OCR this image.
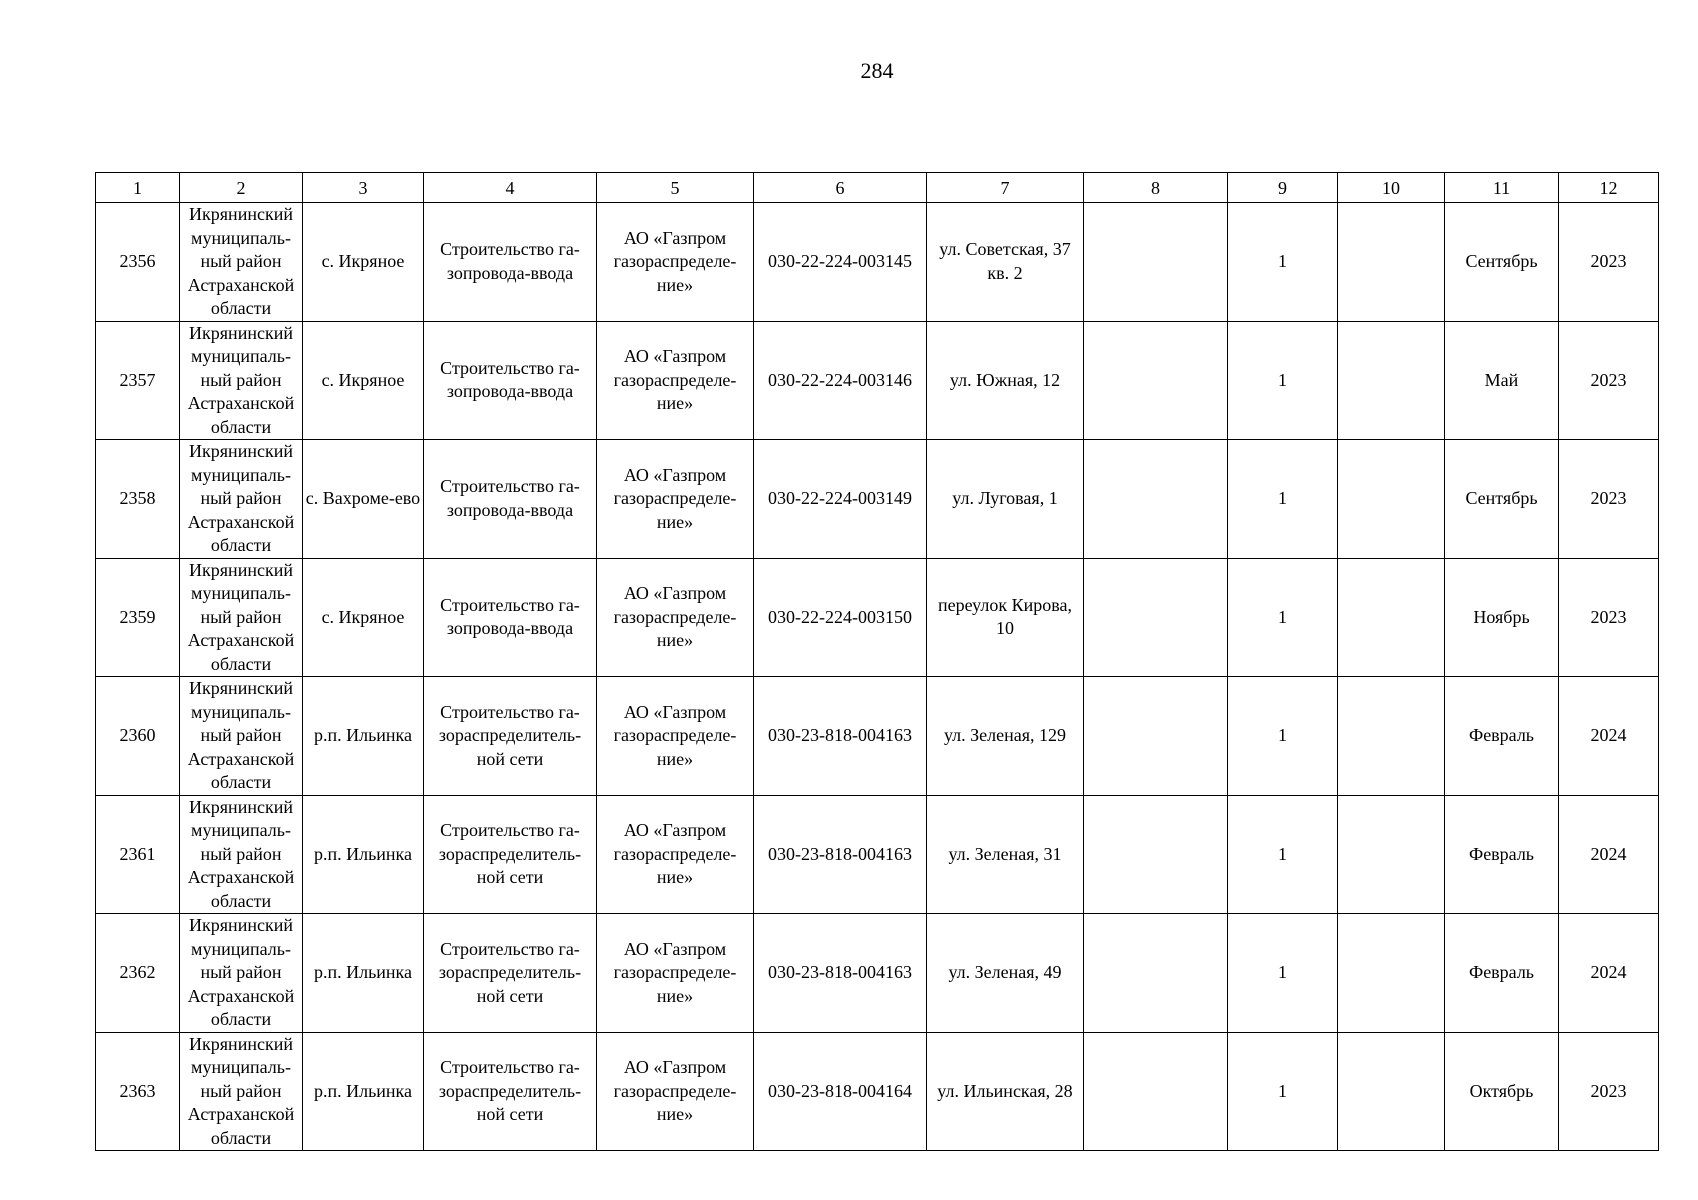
284
1	2	3	4	5	6	7	8	9	10	11	12

2356	Икрянинский муниципаль-ный район Астраханской области	с. Икряное	Строительство га-зопровода-ввода	АО «Газпром газораспределе-ние»	030-22-224-003145	ул. Советская, 37 кв. 2		1		Сентябрь	2023

2357	Икрянинский муниципаль-ный район Астраханской области	с. Икряное	Строительство га-зопровода-ввода	АО «Газпром газораспределе-ние»	030-22-224-003146	ул. Южная, 12		1		Май	2023

2358	Икрянинский муниципаль-ный район Астраханской области	с. Вахроме-ево	Строительство га-зопровода-ввода	АО «Газпром газораспределе-ние»	030-22-224-003149	ул. Луговая, 1		1		Сентябрь	2023

2359	Икрянинский муниципаль-ный район Астраханской области	с. Икряное	Строительство га-зопровода-ввода	АО «Газпром газораспределе-ние»	030-22-224-003150	переулок Кирова, 10		1		Ноябрь	2023

2360	Икрянинский муниципаль-ный район Астраханской области	р.п. Ильинка	Строительство га-зораспределитель-ной сети	АО «Газпром газораспределе-ние»	030-23-818-004163	ул. Зеленая, 129		1		Февраль	2024

2361	Икрянинский муниципаль-ный район Астраханской области	р.п. Ильинка	Строительство га-зораспределитель-ной сети	АО «Газпром газораспределе-ние»	030-23-818-004163	ул. Зеленая, 31		1		Февраль	2024

2362	Икрянинский муниципаль-ный район Астраханской области	р.п. Ильинка	Строительство га-зораспределитель-ной сети	АО «Газпром газораспределе-ние»	030-23-818-004163	ул. Зеленая, 49		1		Февраль	2024

2363	Икрянинский муниципаль-ный район Астраханской области	р.п. Ильинка	Строительство га-зораспределитель-ной сети	АО «Газпром газораспределе-ние»	030-23-818-004164	ул. Ильинская, 28		1		Октябрь	2023
